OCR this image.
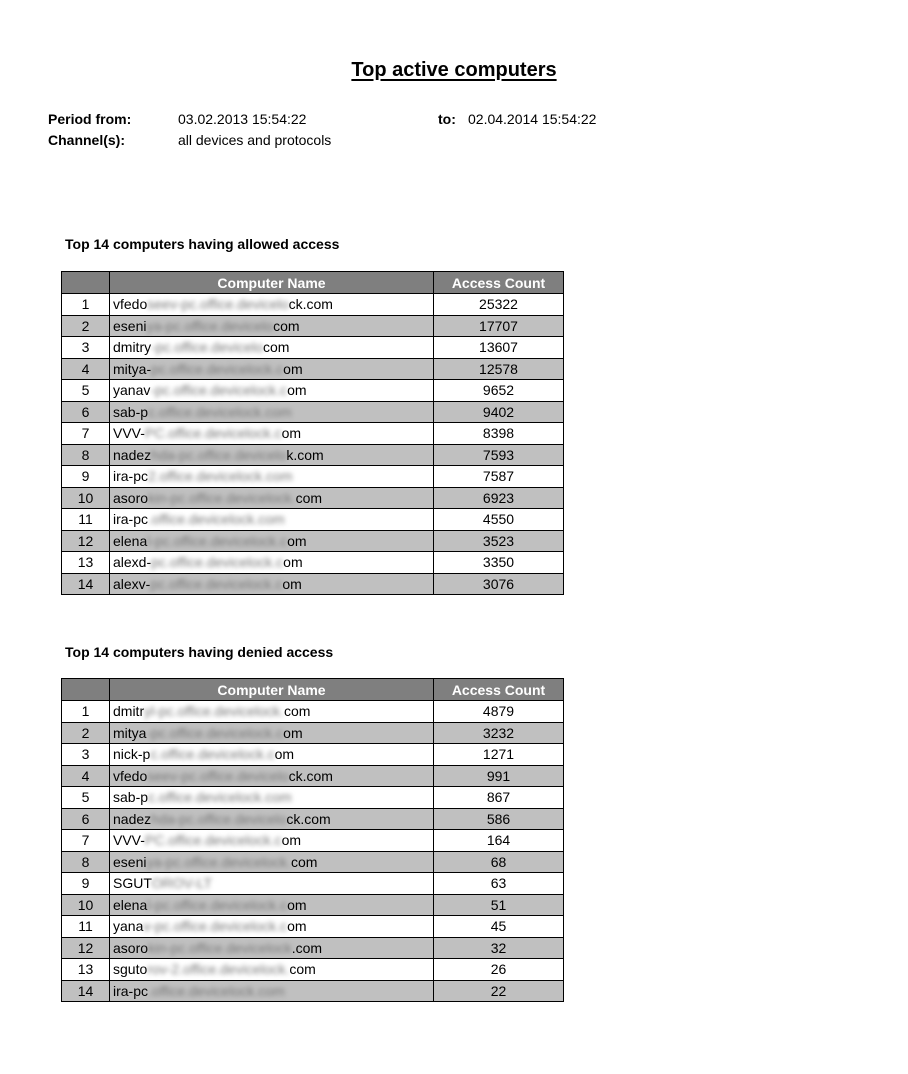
Top active computers
Period from:	03.02.2013 15:54:22	to: 02.04.2014 15:54:22
Channel(s):	all devices and protocols
Top 14 computers having allowed access
	Computer Name	Access Count
1	vfedoseev-pc.office.devicelock.com	25322
2	eseniya-pc.office.devicelocom	17707
3	dmitry-pc.office.devicelocom	13607
4	mitya-pc.office.devicelock.com	12578
5	yanav-pc.office.devicelock.com	9652
6	sab-pc.office.devicelock.com	9402
7	VVV-PC.office.devicelock.com	8398
8	nadezhda-pc.office.devicelok.com	7593
9	ira-pc2.office.devicelock.com	7587
10	asorokin-pc.office.devicelock.com	6923
11	ira-pc.office.devicelock.com	4550
12	elenal-pc.office.devicelock.com	3523
13	alexd-pc.office.devicelock.com	3350
14	alexv-pc.office.devicelock.com	3076
Top 14 computers having denied access
	Computer Name	Access Count
1	dmitryl-pc.office.devicelock.com	4879
2	mitya-pc.office.devicelock.com	3232
3	nick-pc.office.devicelock.com	1271
4	vfedoseev-pc.office.devicelock.com	991
5	sab-pc.office.devicelock.com	867
6	nadezhda-pc.office.devicelock.com	586
7	VVV-PC.office.devicelock.com	164
8	eseniya-pc.office.devicelock.com	68
9	SGUTOROV-LT	63
10	elenal-pc.office.devicelock.com	51
11	yanav-pc.office.devicelock.com	45
12	asorokin-pc.office.devicelock.com	32
13	sgutorov-2.office.devicelock.com	26
14	ira-pc.office.devicelock.com	22
